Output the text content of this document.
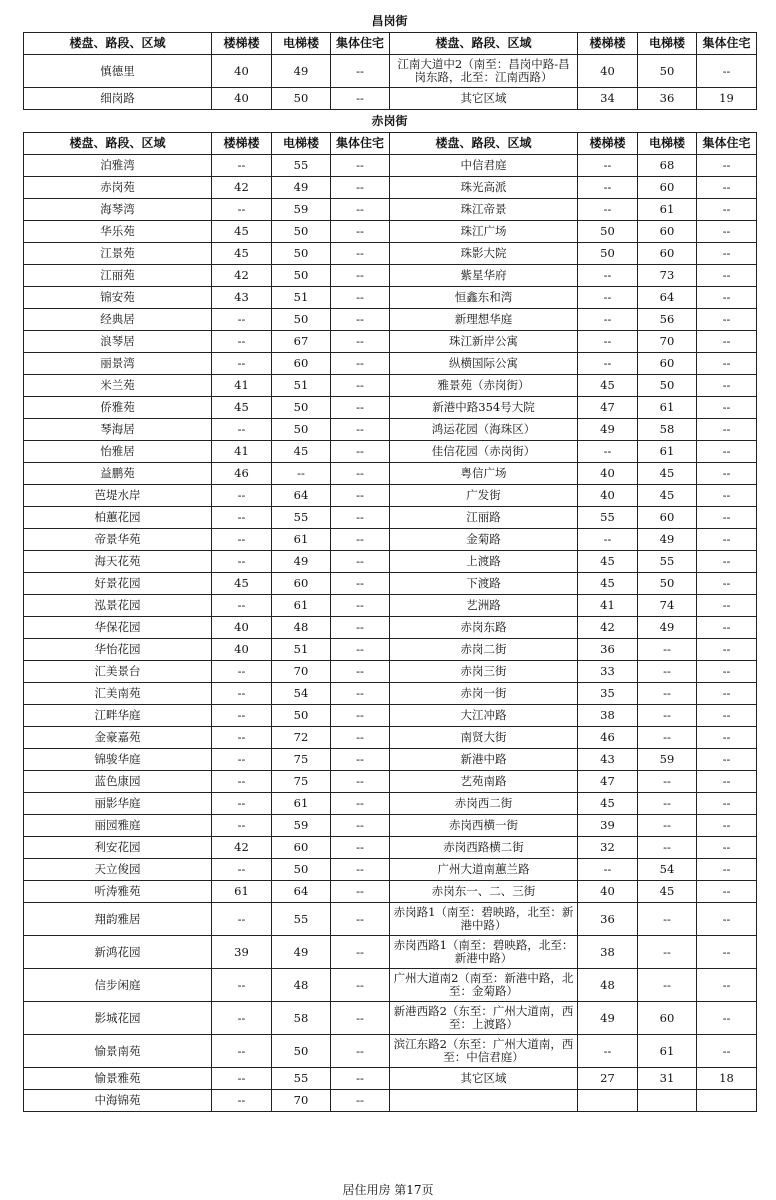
昌岗街
楼盘、路段、区域	楼梯楼	电梯楼	集体住宅	楼盘、路段、区域	楼梯楼	电梯楼	集体住宅
慎德里	40	49	--	江南大道中2（南至：昌岗中路-昌岗东路，北至：江南西路）	40	50	--
细岗路	40	50	--	其它区域	34	36	19
赤岗街
楼盘、路段、区域	楼梯楼	电梯楼	集体住宅	楼盘、路段、区域	楼梯楼	电梯楼	集体住宅
泊雅湾	--	55	--	中信君庭	--	68	--
赤岗苑	42	49	--	珠光高派	--	60	--
海琴湾	--	59	--	珠江帝景	--	61	--
华乐苑	45	50	--	珠江广场	50	60	--
江景苑	45	50	--	珠影大院	50	60	--
江丽苑	42	50	--	紫星华府	--	73	--
锦安苑	43	51	--	恒鑫东和湾	--	64	--
经典居	--	50	--	新理想华庭	--	56	--
浪琴居	--	67	--	珠江新岸公寓	--	70	--
丽景湾	--	60	--	纵横国际公寓	--	60	--
米兰苑	41	51	--	雅景苑（赤岗街）	45	50	--
侨雅苑	45	50	--	新港中路354号大院	47	61	--
琴海居	--	50	--	鸿运花园（海珠区）	49	58	--
怡雅居	41	45	--	佳信花园（赤岗街）	--	61	--
益鹏苑	46	--	--	粤信广场	40	45	--
芭堤水岸	--	64	--	广发街	40	45	--
柏蕙花园	--	55	--	江丽路	55	60	--
帝景华苑	--	61	--	金菊路	--	49	--
海天花苑	--	49	--	上渡路	45	55	--
好景花园	45	60	--	下渡路	45	50	--
泓景花园	--	61	--	艺洲路	41	74	--
华保花园	40	48	--	赤岗东路	42	49	--
华怡花园	40	51	--	赤岗二街	36	--	--
汇美景台	--	70	--	赤岗三街	33	--	--
汇美南苑	--	54	--	赤岗一街	35	--	--
江畔华庭	--	50	--	大江冲路	38	--	--
金豪嘉苑	--	72	--	南贤大街	46	--	--
锦骏华庭	--	75	--	新港中路	43	59	--
蓝色康园	--	75	--	艺苑南路	47	--	--
丽影华庭	--	61	--	赤岗西二街	45	--	--
丽园雅庭	--	59	--	赤岗西横一街	39	--	--
利安花园	42	60	--	赤岗西路横二街	32	--	--
天立俊园	--	50	--	广州大道南蕙兰路	--	54	--
听涛雅苑	61	64	--	赤岗东一、二、三街	40	45	--
翔韵雅居	--	55	--	赤岗路1（南至：碧映路，北至：新港中路）	36	--	--
新鸿花园	39	49	--	赤岗西路1（南至：碧映路，北至：新港中路）	38	--	--
信步闲庭	--	48	--	广州大道南2（南至：新港中路，北至：金菊路）	48	--	--
影城花园	--	58	--	新港西路2（东至：广州大道南，西至：上渡路）	49	60	--
愉景南苑	--	50	--	滨江东路2（东至：广州大道南，西至：中信君庭）	--	61	--
愉景雅苑	--	55	--	其它区域	27	31	18
中海锦苑	--	70	--				
居住用房 第17页
